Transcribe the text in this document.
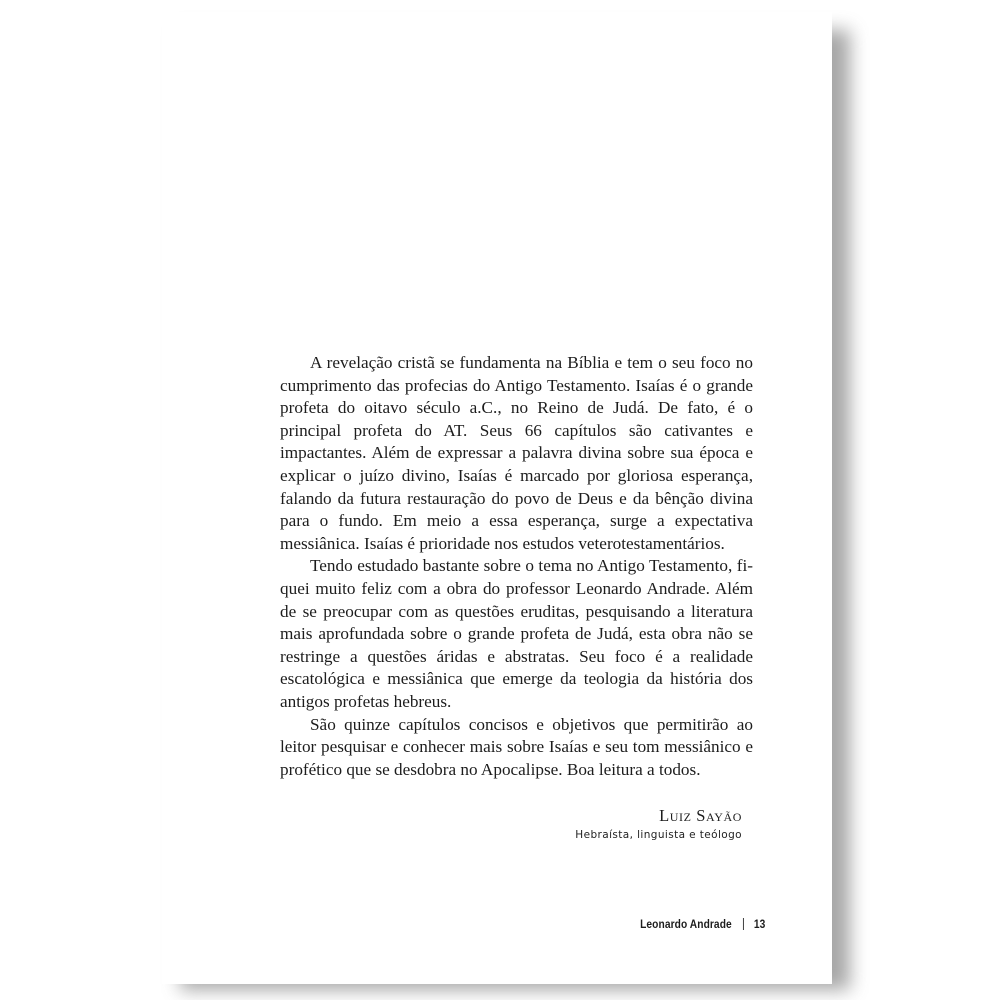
A revelação cristã se fundamenta na Bíblia e tem o seu foco no cumprimento das profecias do Antigo Testamento. Isaías é o grande profeta do oitavo século a.C., no Reino de Judá. De fato, é o principal profeta do AT. Seus 66 capítulos são cativantes e impactantes. Além de expressar a palavra divina sobre sua época e explicar o juízo divino, Isaías é marcado por gloriosa esperança, falando da futura restauração do povo de Deus e da bênção divina para o fundo. Em meio a essa esperança, surge a expectativa messiânica. Isaías é prioridade nos estudos veterotestamentários.

Tendo estudado bastante sobre o tema no Antigo Testamento, fiquei muito feliz com a obra do professor Leonardo Andrade. Além de se preocupar com as questões eruditas, pesquisando a literatura mais aprofundada sobre o grande profeta de Judá, esta obra não se restringe a questões áridas e abstratas. Seu foco é a realidade escatológica e messiânica que emerge da teologia da história dos antigos profetas hebreus.

São quinze capítulos concisos e objetivos que permitirão ao leitor pesquisar e conhecer mais sobre Isaías e seu tom messiânico e profético que se desdobra no Apocalipse. Boa leitura a todos.

Luiz Sayão
Hebraísta, linguista e teólogo
Leonardo Andrade 13
